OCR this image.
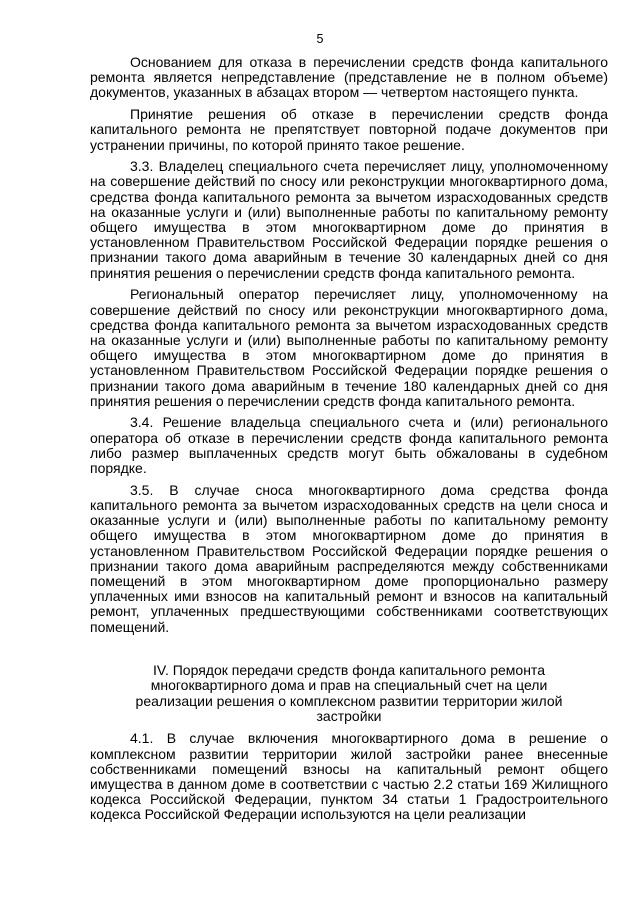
5

Основанием для отказа в перечислении средств фонда капитального ремонта является непредставление (представление не в полном объеме) документов, указанных в абзацах втором — четвертом настоящего пункта.

Принятие решения об отказе в перечислении средств фонда капитального ремонта не препятствует повторной подаче документов при устранении причины, по которой принято такое решение.

3.3. Владелец специального счета перечисляет лицу, уполномоченному на совершение действий по сносу или реконструкции многоквартирного дома, средства фонда капитального ремонта за вычетом израсходованных средств на оказанные услуги и (или) выполненные работы по капитальному ремонту общего имущества в этом многоквартирном доме до принятия в установленном Правительством Российской Федерации порядке решения о признании такого дома аварийным в течение 30 календарных дней со дня принятия решения о перечислении средств фонда капитального ремонта.

Региональный оператор перечисляет лицу, уполномоченному на совершение действий по сносу или реконструкции многоквартирного дома, средства фонда капитального ремонта за вычетом израсходованных средств на оказанные услуги и (или) выполненные работы по капитальному ремонту общего имущества в этом многоквартирном доме до принятия в установленном Правительством Российской Федерации порядке решения о признании такого дома аварийным в течение 180 календарных дней со дня принятия решения о перечислении средств фонда капитального ремонта.

3.4. Решение владельца специального счета и (или) регионального оператора об отказе в перечислении средств фонда капитального ремонта либо размер выплаченных средств могут быть обжалованы в судебном порядке.

3.5. В случае сноса многоквартирного дома средства фонда капитального ремонта за вычетом израсходованных средств на цели сноса и оказанные услуги и (или) выполненные работы по капитальному ремонту общего имущества в этом многоквартирном доме до принятия в установленном Правительством Российской Федерации порядке решения о признании такого дома аварийным распределяются между собственниками помещений в этом многоквартирном доме пропорционально размеру уплаченных ими взносов на капитальный ремонт и взносов на капитальный ремонт, уплаченных предшествующими собственниками соответствующих помещений.

IV. Порядок передачи средств фонда капитального ремонта многоквартирного дома и прав на специальный счет на цели реализации решения о комплексном развитии территории жилой застройки

4.1. В случае включения многоквартирного дома в решение о комплексном развитии территории жилой застройки ранее внесенные собственниками помещений взносы на капитальный ремонт общего имущества в данном доме в соответствии с частью 2.2 статьи 169 Жилищного кодекса Российской Федерации, пунктом 34 статьи 1 Градостроительного кодекса Российской Федерации используются на цели реализации
